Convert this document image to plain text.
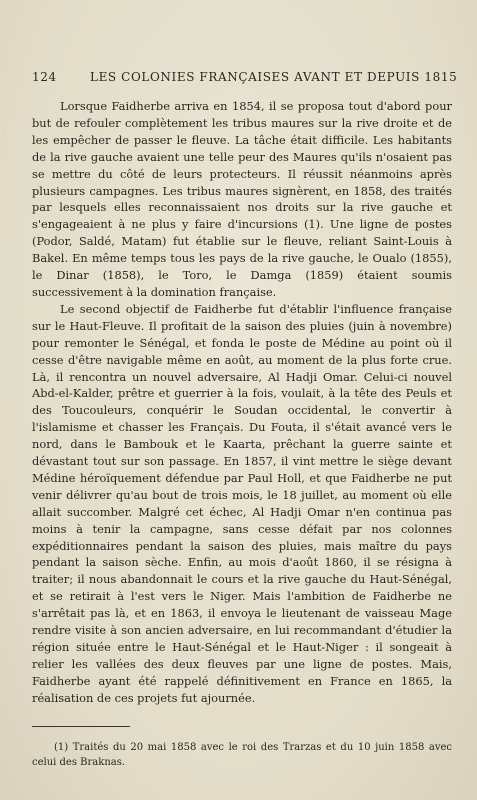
124	LES COLONIES FRANÇAISES AVANT ET DEPUIS 1815

Lorsque Faidherbe arriva en 1854, il se proposa tout d'abord pour but de refouler complètement les tribus maures sur la rive droite et de les empêcher de passer le fleuve. La tâche était difficile. Les habitants de la rive gauche avaient une telle peur des Maures qu'ils n'osaient pas se mettre du côté de leurs protecteurs. Il réussit néanmoins après plusieurs campagnes. Les tribus maures signèrent, en 1858, des traités par lesquels elles reconnaissaient nos droits sur la rive gauche et s'engageaient à ne plus y faire d'incursions (1). Une ligne de postes (Podor, Saldé, Matam) fut établie sur le fleuve, reliant Saint-Louis à Bakel. En même temps tous les pays de la rive gauche, le Oualo (1855), le Dinar (1858), le Toro, le Damga (1859) étaient soumis successivement à la domination française.

Le second objectif de Faidherbe fut d'établir l'influence française sur le Haut-Fleuve. Il profitait de la saison des pluies (juin à novembre) pour remonter le Sénégal, et fonda le poste de Médine au point où il cesse d'être navigable même en août, au moment de la plus forte crue. Là, il rencontra un nouvel adversaire, Al Hadji Omar. Celui-ci nouvel Abd-el-Kalder, prêtre et guerrier à la fois, voulait, à la tête des Peuls et des Toucouleurs, conquérir le Soudan occidental, le convertir à l'islamisme et chasser les Français. Du Fouta, il s'était avancé vers le nord, dans le Bambouk et le Kaarta, prêchant la guerre sainte et dévastant tout sur son passage. En 1857, il vint mettre le siège devant Médine héroïquement défendue par Paul Holl, et que Faidherbe ne put venir délivrer qu'au bout de trois mois, le 18 juillet, au moment où elle allait succomber. Malgré cet échec, Al Hadji Omar n'en continua pas moins à tenir la campagne, sans cesse défait par nos colonnes expéditionnaires pendant la saison des pluies, mais maître du pays pendant la saison sèche. Enfin, au mois d'août 1860, il se résigna à traiter; il nous abandonnait le cours et la rive gauche du Haut-Sénégal, et se retirait à l'est vers le Niger. Mais l'ambition de Faidherbe ne s'arrêtait pas là, et en 1863, il envoya le lieutenant de vaisseau Mage rendre visite à son ancien adversaire, en lui recommandant d'étudier la région située entre le Haut-Sénégal et le Haut-Niger : il songeait à relier les vallées des deux fleuves par une ligne de postes. Mais, Faidherbe ayant été rappelé définitivement en France en 1865, la réalisation de ces projets fut ajournée.

(1) Traités du 20 mai 1858 avec le roi des Trarzas et du 10 juin 1858 avec celui des Braknas.
